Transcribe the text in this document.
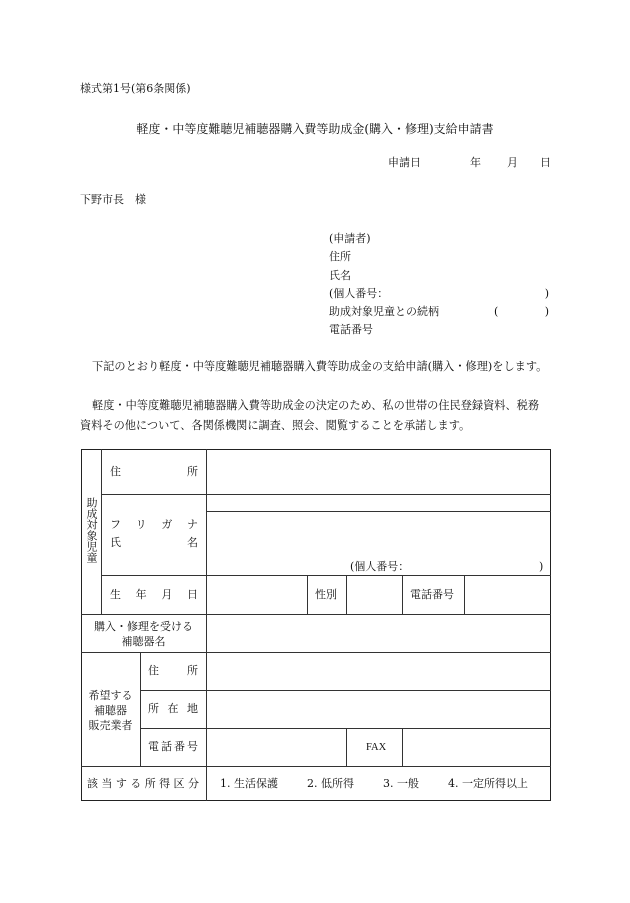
様式第1号(第6条関係)
軽度・中等度難聴児補聴器購入費等助成金(購入・修理)支給申請書
申請日	年 月 日
下野市長　様
(申請者)
住所
氏名
(個人番号：	)
助成対象児童との続柄	(	)
電話番号
下記のとおり軽度・中等度難聴児補聴器購入費等助成金の支給申請(購入・修理)をします。
軽度・中等度難聴児補聴器購入費等助成金の決定のため、私の世帯の住民登録資料、税務資料その他について、各関係機関に調査、照会、閲覧することを承諾します。
助成対象児童
住	所
フ リ ガ ナ
氏	名
(個人番号：	)
生 年 月 日	性別	電話番号
購入・修理を受ける
補聴器名
希望する
補聴器
販売業者
住	所
所 在 地
電 話 番 号	FAX
該 当 す る 所 得 区 分 1. 生活保護	2. 低所得	3. 一般	4. 一定所得以上
